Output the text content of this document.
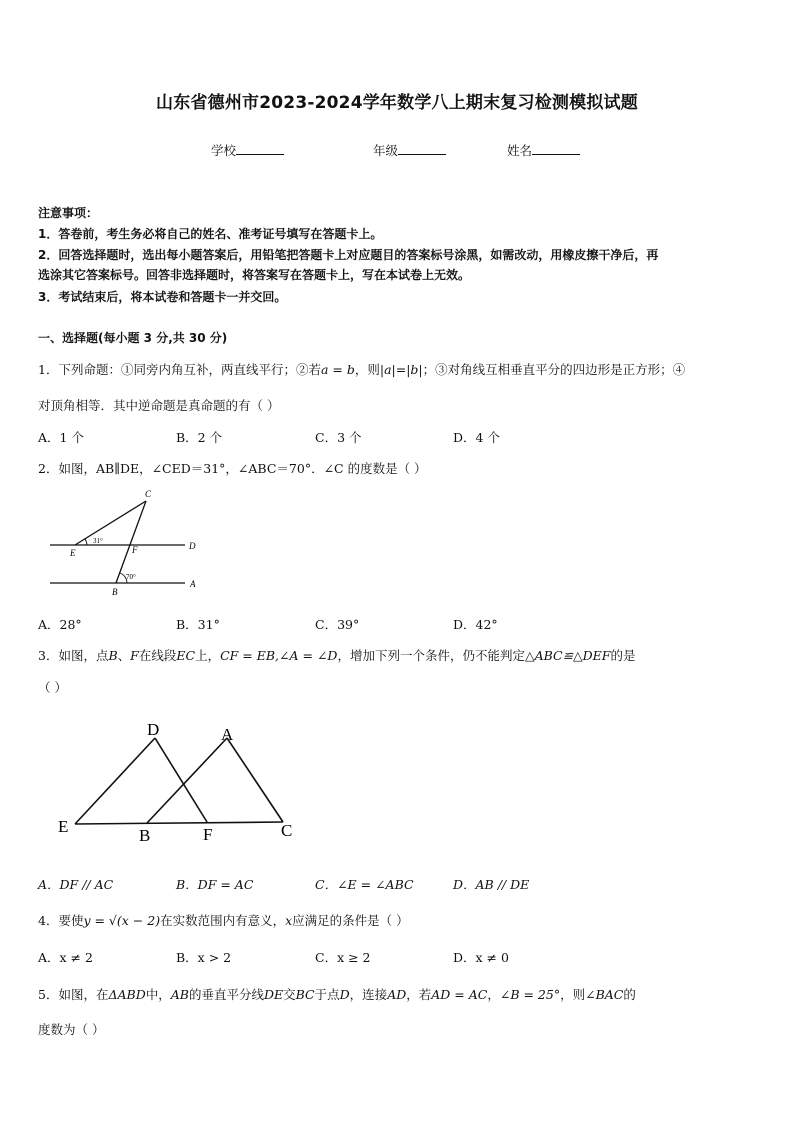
山东省德州市2023-2024学年数学八上期末复习检测模拟试题
学校	年级	姓名
注意事项：
1．答卷前，考生务必将自己的姓名、准考证号填写在答题卡上。
2．回答选择题时，选出每小题答案后，用铅笔把答题卡上对应题目的答案标号涂黑，如需改动，用橡皮擦干净后，再
选涂其它答案标号。回答非选择题时，将答案写在答题卡上，写在本试卷上无效。
3．考试结束后，将本试卷和答题卡一并交回。
一、选择题(每小题 3 分,共 30 分)
1．下列命题：①同旁内角互补，两直线平行；②若a = b，则|a|=|b|；③对角线互相垂直平分的四边形是正方形；④
对顶角相等．其中逆命题是真命题的有（ ）
A．1 个	B．2 个	C．3 个	D．4 个
2．如图，AB∥DE，∠CED＝31°，∠ABC＝70°．∠C 的度数是（ ）
C
E	F	D
B
A
31°
70°
A．28°	B．31°	C．39°	D．42°
3．如图，点B、F在线段EC上，CF = EB,∠A = ∠D，增加下列一个条件，仍不能判定△ABC≌△DEF的是
（ ）
D	A
E	B	F	C
A．DF // AC	B．DF = AC	C．∠E = ∠ABC	D．AB // DE
4．要使y = √(x − 2)在实数范围内有意义，x应满足的条件是（ ）
A．x ≠ 2	B．x > 2	C．x ≥ 2	D．x ≠ 0
5．如图，在ΔABD中，AB的垂直平分线DE交BC于点D，连接AD，若AD = AC，∠B = 25°，则∠BAC的
度数为（ ）
